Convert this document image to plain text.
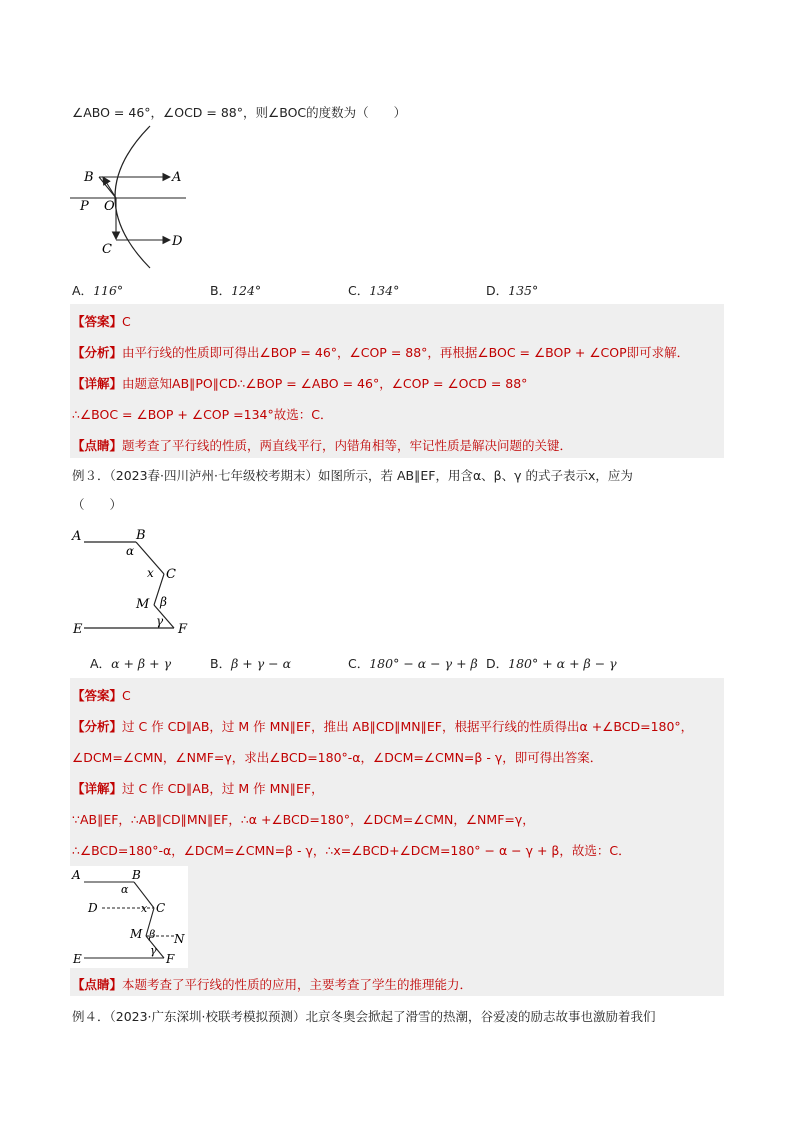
∠ABO = 46°，∠OCD = 88°，则∠BOC的度数为（　　）
B	A
P O
C
D
A．116°	B．124°	C．134°	D．135°
【答案】C
【分析】由平行线的性质即可得出∠BOP = 46°，∠COP = 88°，再根据∠BOC = ∠BOP + ∠COP即可求解．
【详解】由题意知AB∥PO∥CD∴∠BOP = ∠ABO = 46°，∠COP = ∠OCD = 88°
∴∠BOC = ∠BOP + ∠COP =134°故选：C．
【点睛】题考查了平行线的性质，两直线平行，内错角相等，牢记性质是解决问题的关键．
例３．（2023春·四川泸州·七年级校考期末）如图所示，若 AB∥EF，用含α、β、γ 的式子表示x，应为
（　　）
A	B
α
x C
M β
E
γ
F
A．α + β + γ	B．β + γ − α	C．180° − α − γ + β D．180° + α + β − γ
【答案】C
【分析】过 C 作 CD∥AB，过 M 作 MN∥EF，推出 AB∥CD∥MN∥EF，根据平行线的性质得出α +∠BCD=180°，
∠DCM=∠CMN，∠NMF=γ，求出∠BCD=180°-α，∠DCM=∠CMN=β - γ，即可得出答案．
【详解】过 C 作 CD∥AB，过 M 作 MN∥EF，
∵AB∥EF，∴AB∥CD∥MN∥EF，∴α +∠BCD=180°，∠DCM=∠CMN，∠NMF=γ，
∴∠BCD=180°-α，∠DCM=∠CMN=β - γ，∴x=∠BCD+∠DCM=180° − α − γ + β，故选：C．
A	B
α
D	x C
M β N
γ
E	F
【点睛】本题考查了平行线的性质的应用，主要考查了学生的推理能力．
例４．（2023·广东深圳·校联考模拟预测）北京冬奥会掀起了滑雪的热潮，谷爱凌的励志故事也激励着我们
